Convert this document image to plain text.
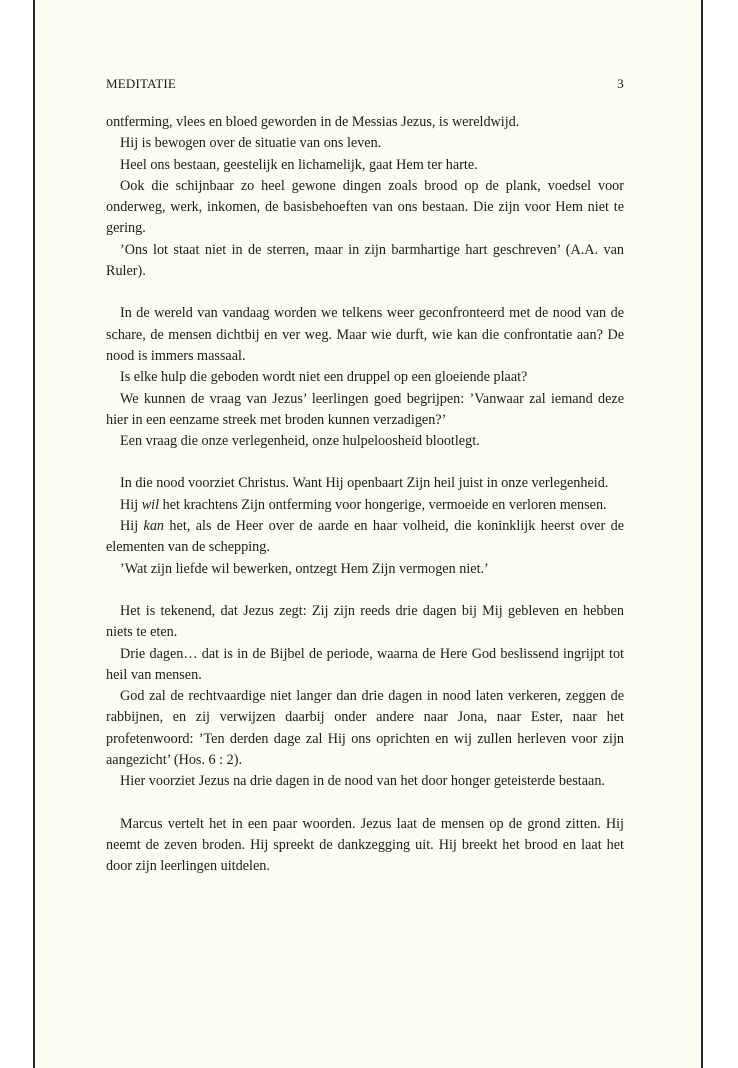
MEDITATIE	3

ontferming, vlees en bloed geworden in de Messias Jezus, is wereldwijd.

Hij is bewogen over de situatie van ons leven.

Heel ons bestaan, geestelijk en lichamelijk, gaat Hem ter harte.

Ook die schijnbaar zo heel gewone dingen zoals brood op de plank, voedsel voor onderweg, werk, inkomen, de basisbehoeften van ons bestaan. Die zijn voor Hem niet te gering.

’Ons lot staat niet in de sterren, maar in zijn barmhartige hart geschreven’ (A.A. van Ruler).

In de wereld van vandaag worden we telkens weer geconfronteerd met de nood van de schare, de mensen dichtbij en ver weg. Maar wie durft, wie kan die confrontatie aan? De nood is immers massaal.

Is elke hulp die geboden wordt niet een druppel op een gloeiende plaat?

We kunnen de vraag van Jezus’ leerlingen goed begrijpen: ’Vanwaar zal iemand deze hier in een eenzame streek met broden kunnen verzadigen?’

Een vraag die onze verlegenheid, onze hulpeloosheid blootlegt.

In die nood voorziet Christus. Want Hij openbaart Zijn heil juist in onze verlegenheid.

Hij wil het krachtens Zijn ontferming voor hongerige, vermoeide en verloren mensen.

Hij kan het, als de Heer over de aarde en haar volheid, die koninklijk heerst over de elementen van de schepping.

’Wat zijn liefde wil bewerken, ontzegt Hem Zijn vermogen niet.’

Het is tekenend, dat Jezus zegt: Zij zijn reeds drie dagen bij Mij gebleven en hebben niets te eten.

Drie dagen… dat is in de Bijbel de periode, waarna de Here God beslissend ingrijpt tot heil van mensen.

God zal de rechtvaardige niet langer dan drie dagen in nood laten verkeren, zeggen de rabbijnen, en zij verwijzen daarbij onder andere naar Jona, naar Ester, naar het profetenwoord: ’Ten derden dage zal Hij ons oprichten en wij zullen herleven voor zijn aangezicht’ (Hos. 6 : 2).

Hier voorziet Jezus na drie dagen in de nood van het door honger geteisterde bestaan.

Marcus vertelt het in een paar woorden. Jezus laat de mensen op de grond zitten. Hij neemt de zeven broden. Hij spreekt de dankzegging uit. Hij breekt het brood en laat het door zijn leerlingen uitdelen.
